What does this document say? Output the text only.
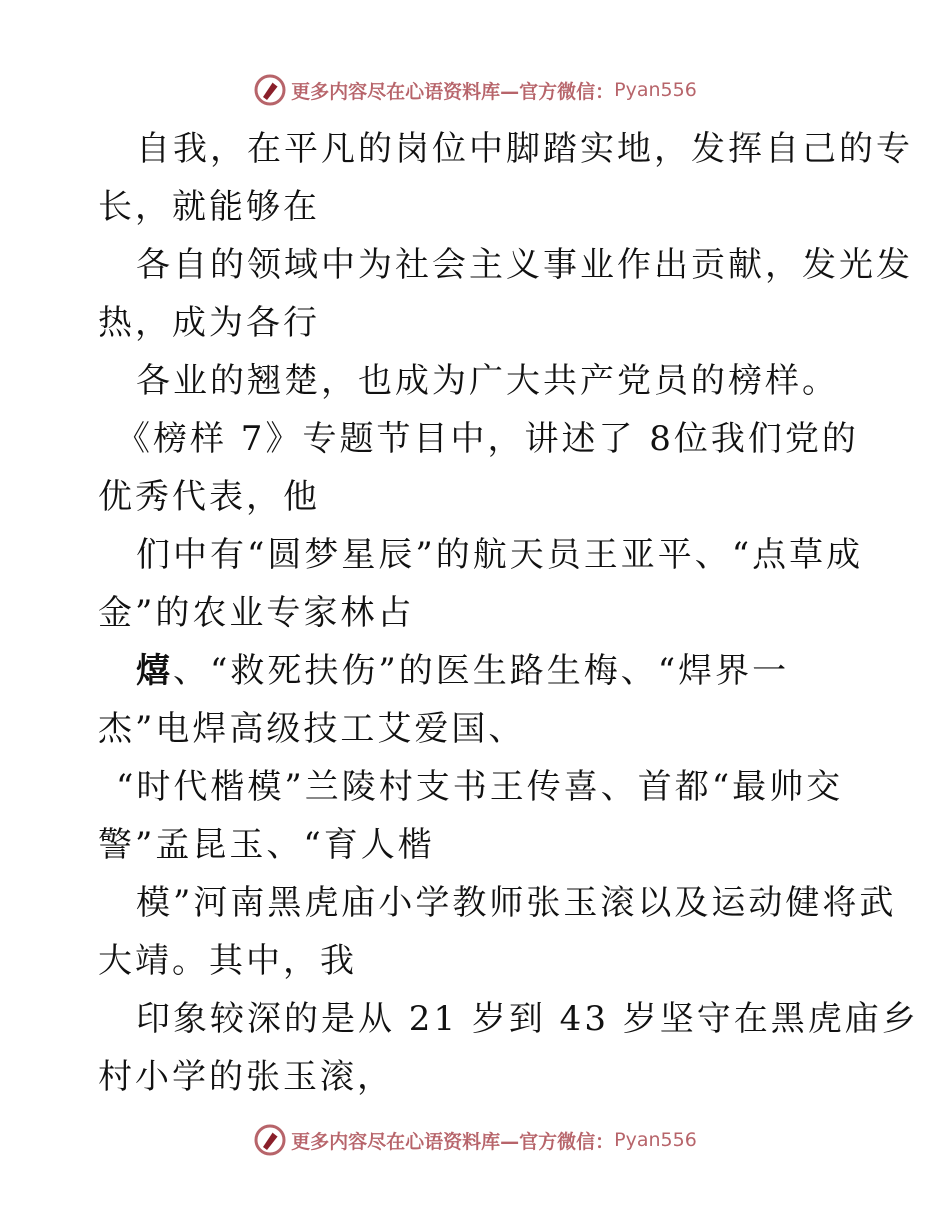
更多内容尽在心语资料库—官方微信： Pyan556
自我，在平凡的岗位中脚踏实地，发挥自己的专
长，就能够在
各自的领域中为社会主义事业作出贡献，发光发
热，成为各行
各业的翘楚，也成为广大共产党员的榜样。
《榜样 7》专题节目中，讲述了 8位我们党的
优秀代表，他
们中有“圆梦星辰”的航天员王亚平、“点草成
金”的农业专家林占
熺、“救死扶伤”的医生路生梅、“焊界一
杰”电焊高级技工艾爱国、
“时代楷模”兰陵村支书王传喜、首都“最帅交
警”孟昆玉、“育人楷
模”河南黑虎庙小学教师张玉滚以及运动健将武
大靖。其中，我
印象较深的是从 21 岁到 43 岁坚守在黑虎庙乡
村小学的张玉滚，
更多内容尽在心语资料库—官方微信： Pyan556
